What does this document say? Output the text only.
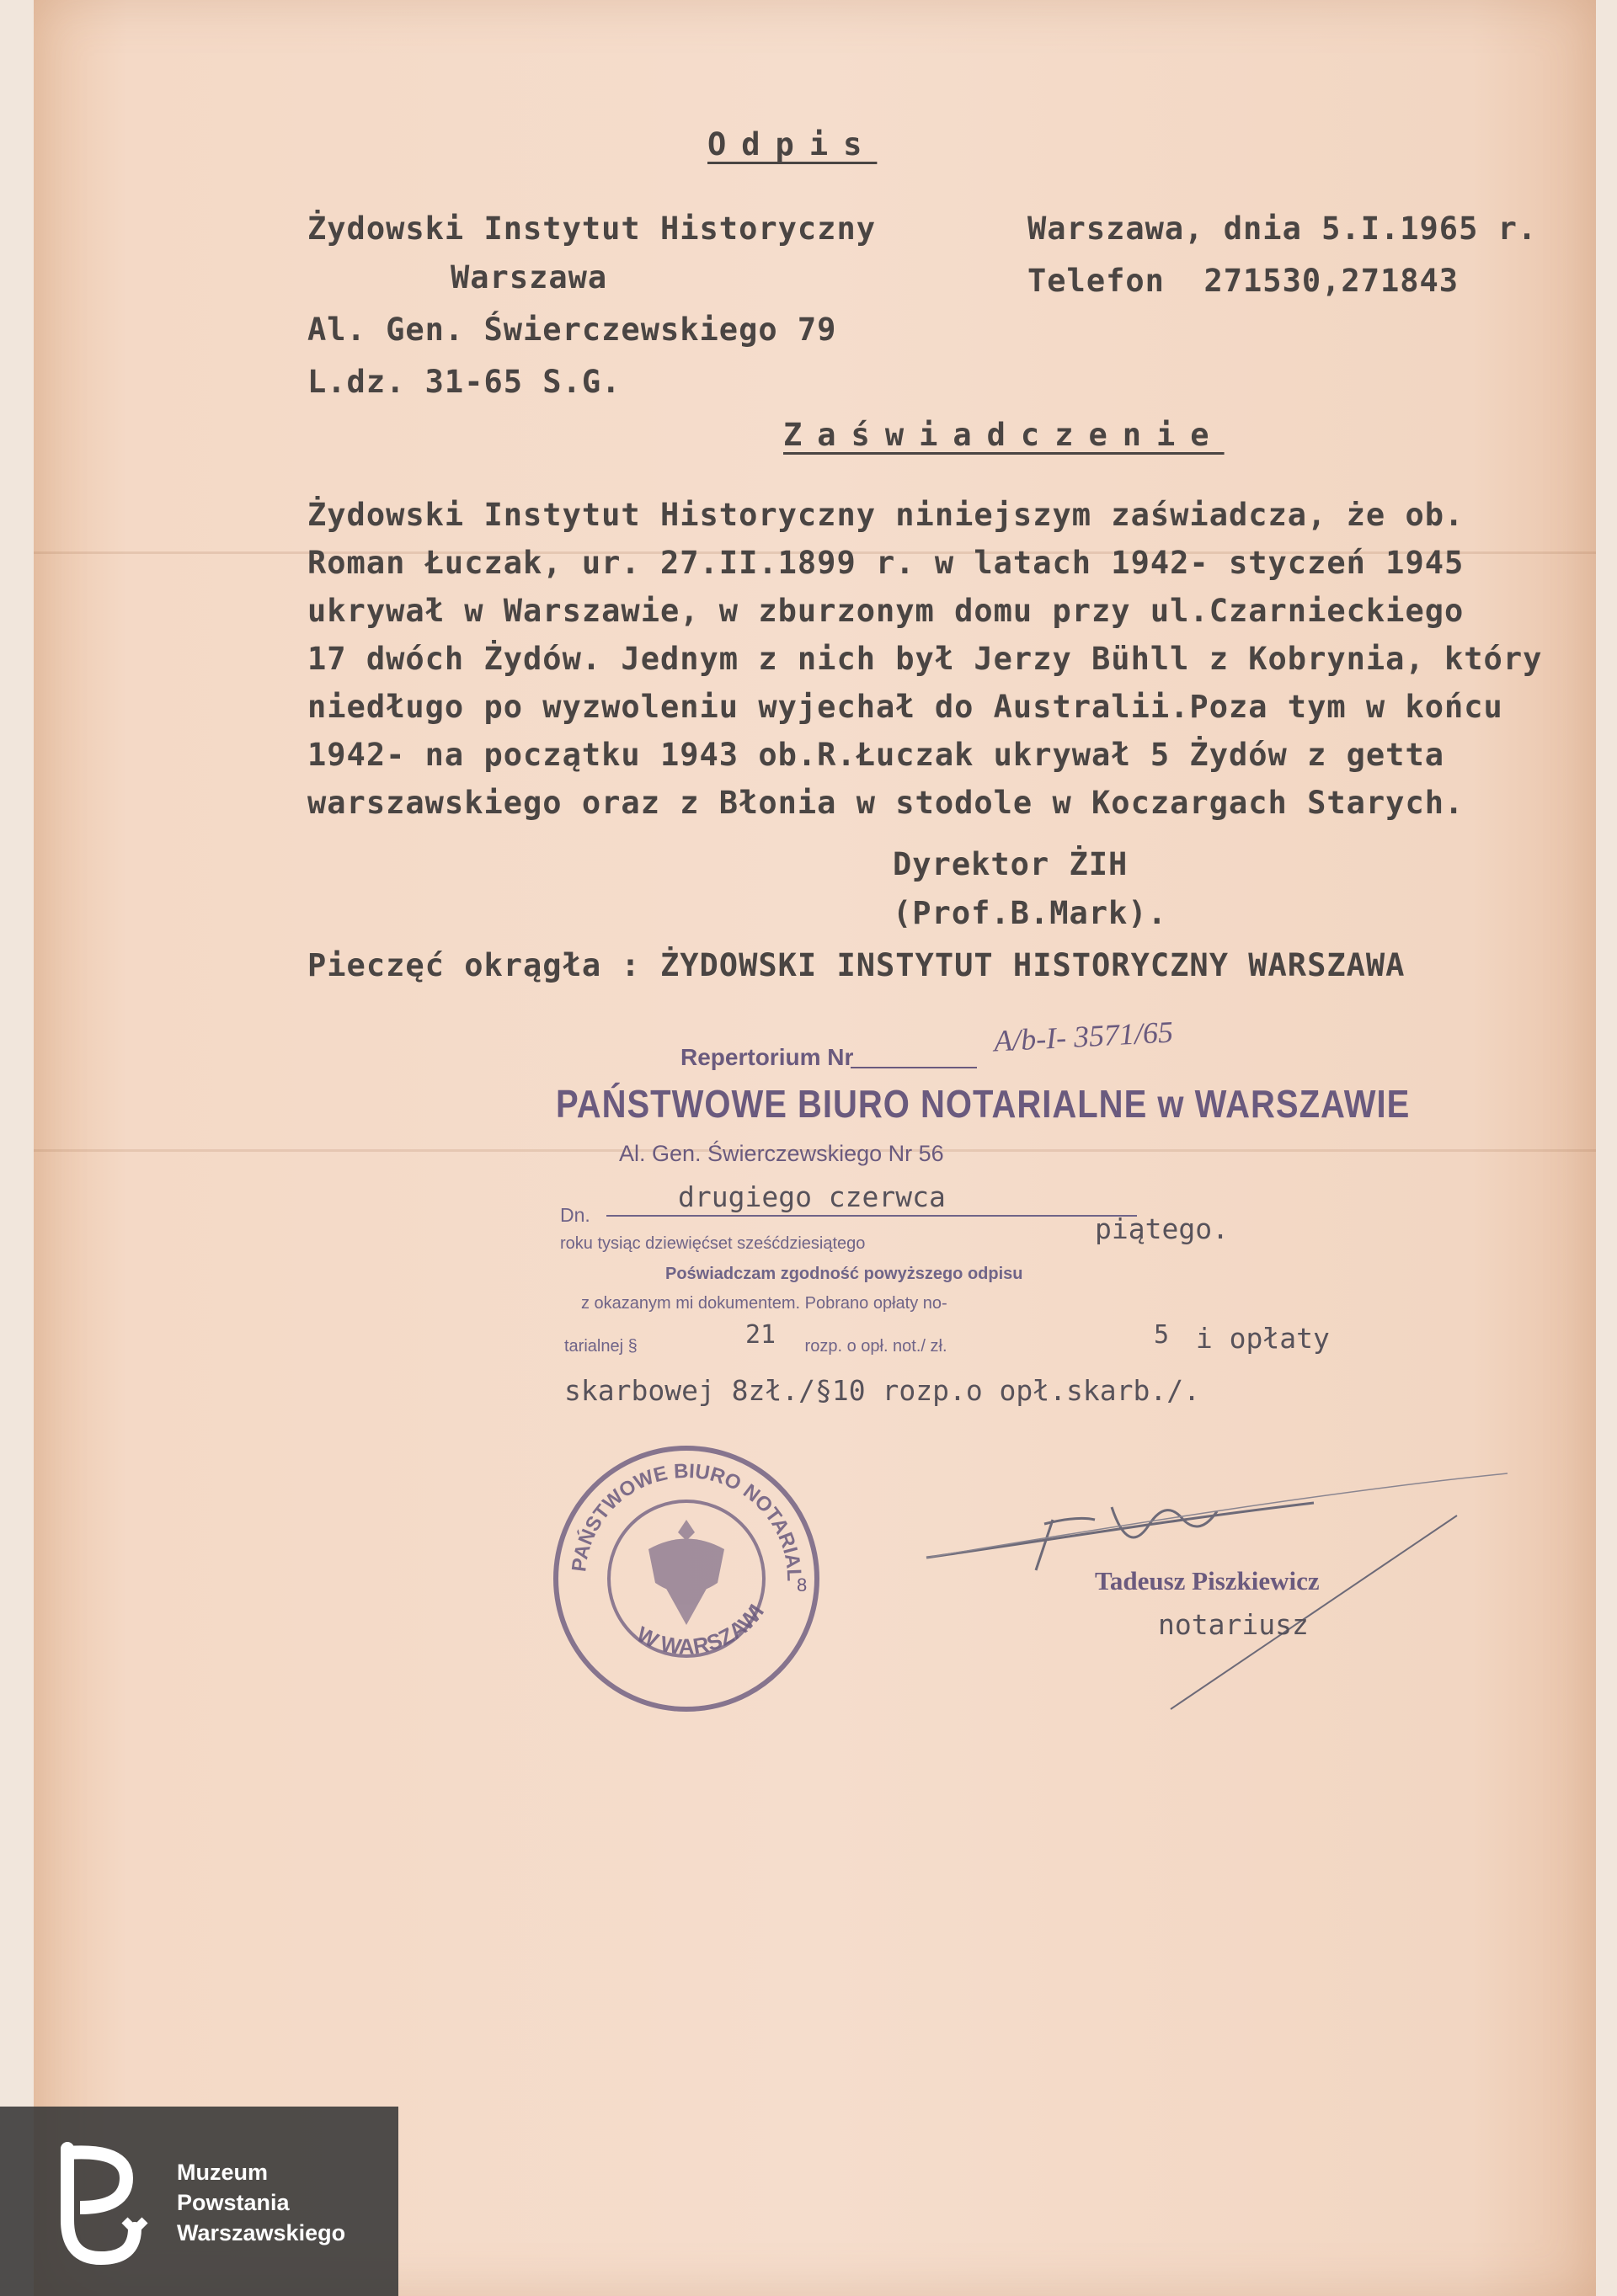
Odpis
Żydowski Instytut Historyczny
Warszawa
Al. Gen. Świerczewskiego 79
L.dz. 31-65 S.G.
Warszawa, dnia 5.I.1965 r.
Telefon  271530,271843
Zaświadczenie
Żydowski Instytut Historyczny niniejszym zaświadcza, że ob.
Roman Łuczak, ur. 27.II.1899 r. w latach 1942- styczeń 1945
ukrywał w Warszawie, w zburzonym domu przy ul.Czarnieckiego
17 dwóch Żydów. Jednym z nich był Jerzy Bühll z Kobrynia, który
niedługo po wyzwoleniu wyjechał do Australii.Poza tym w końcu
1942- na początku 1943 ob.R.Łuczak ukrywał 5 Żydów z getta
warszawskiego oraz z Błonia w stodole w Koczargach Starych.
Dyrektor ŻIH
(Prof.B.Mark).
Pieczęć okrągła : ŻYDOWSKI INSTYTUT HISTORYCZNY WARSZAWA
Repertorium Nr	A/b-I- 3571/65
PAŃSTWOWE BIURO NOTARIALNE w WARSZAWIE
Al. Gen. Świerczewskiego Nr 56
Dn.
drugiego czerwca
roku tysiąc dziewięćset sześćdziesiątego	piątego.
Poświadczam zgodność powyższego odpisu
z okazanym mi dokumentem. Pobrano opłaty no-
tarialnej §	21 rozp. o opł. not./ zł.	5 i opłaty
skarbowej 8zł./§10 rozp.o opł.skarb./.
PAŃSTWOWE BIURO NOTARIAL
W WARSZAWI
8	Tadeusz Piszkiewicz
notariusz
Muzeum
Powstania
Warszawskiego
